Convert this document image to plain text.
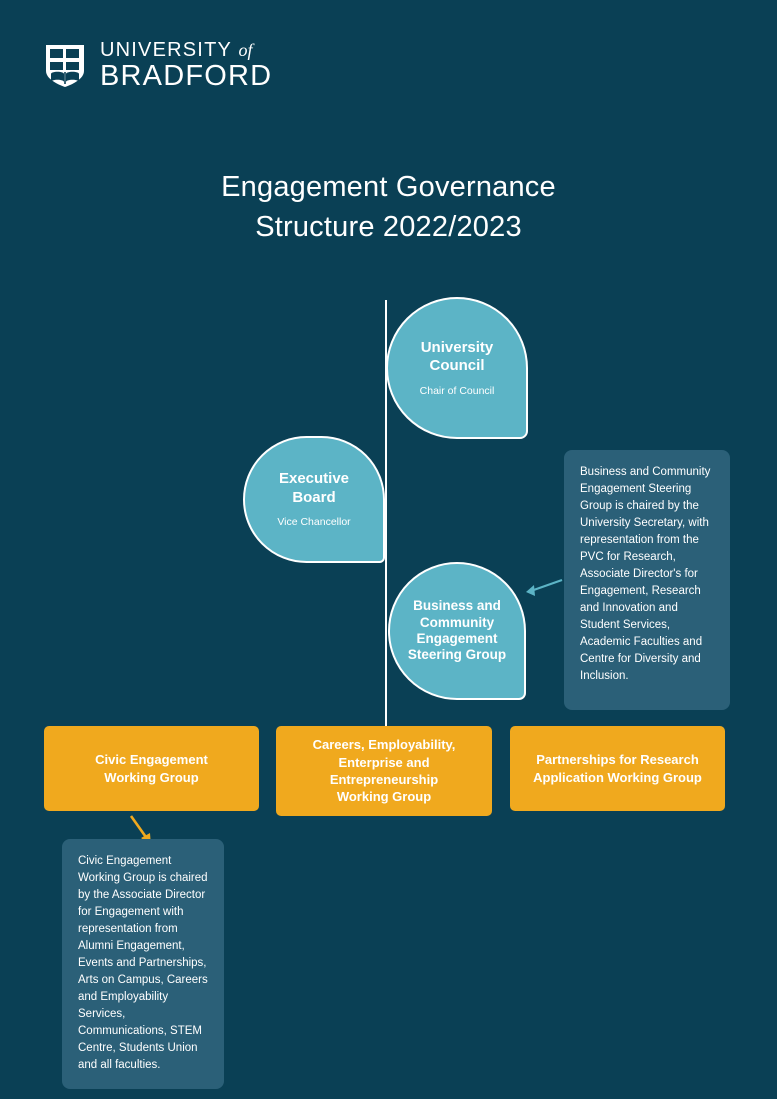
UNIVERSITY of
BRADFORD
Engagement Governance
Structure 2022/2023
University
Council
Chair of Council
Executive
Board
Vice Chancellor
Business and
Community
Engagement
Steering Group
Civic Engagement
Working Group
Careers, Employability,
Enterprise and Entrepreneurship
Working Group
Partnerships for Research
Application Working Group
Business and Community Engagement Steering Group is chaired by the University Secretary, with representation from the PVC for Research, Associate Director's for Engagement, Research and Innovation and Student Services, Academic Faculties and Centre for Diversity and Inclusion.
Civic Engagement Working Group is chaired by the Associate Director for Engagement with representation from Alumni Engagement, Events and Partnerships, Arts on Campus, Careers and Employability Services, Communications, STEM Centre, Students Union and all faculties.
